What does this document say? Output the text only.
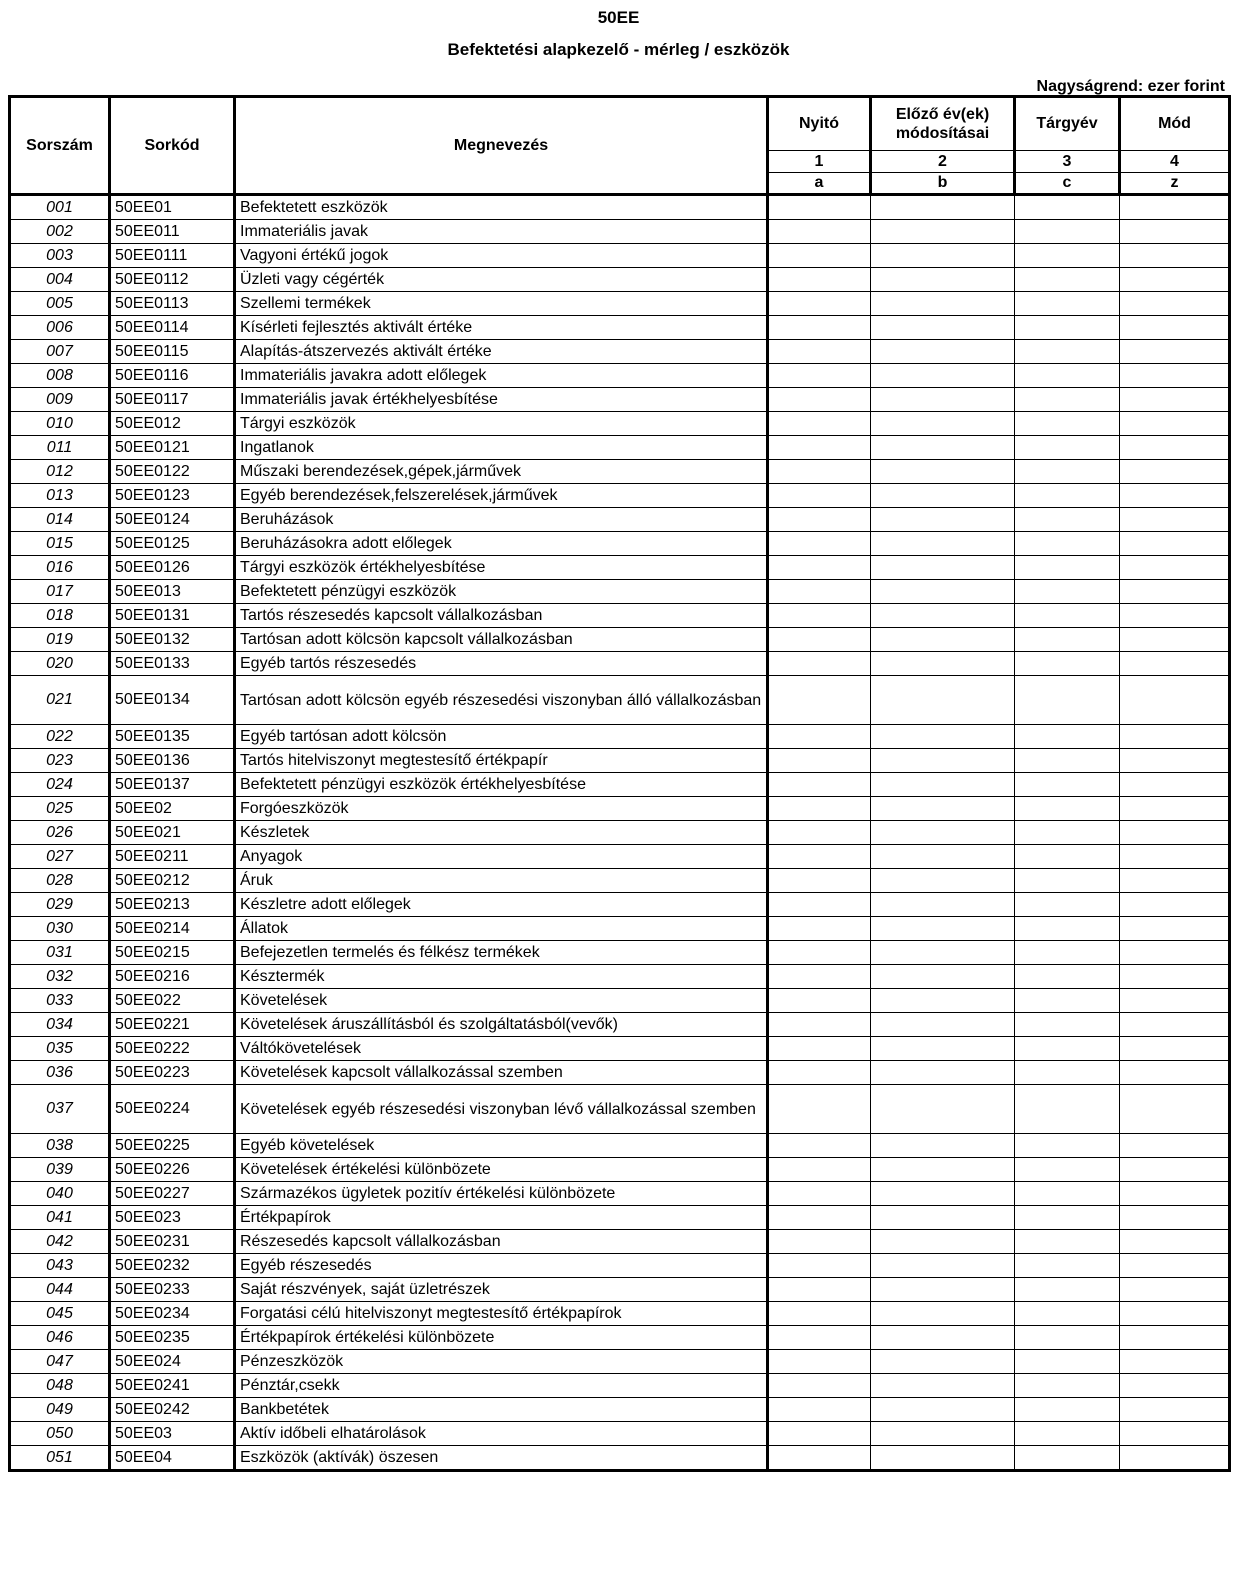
50EE
Befektetési alapkezelő - mérleg / eszközök
Nagyságrend: ezer forint
Sorszám	Sorkód	Megnevezés	Nyitó	Előző év(ek) módosításai	Tárgyév	Mód
			1	2	3	4
			a	b	c	z
001	50EE01	Befektetett eszközök				
002	50EE011	Immateriális javak				
003	50EE0111	Vagyoni értékű jogok				
004	50EE0112	Üzleti vagy cégérték				
005	50EE0113	Szellemi termékek				
006	50EE0114	Kísérleti fejlesztés aktivált értéke				
007	50EE0115	Alapítás-átszervezés aktivált értéke				
008	50EE0116	Immateriális javakra adott előlegek				
009	50EE0117	Immateriális javak értékhelyesbítése				
010	50EE012	Tárgyi eszközök				
011	50EE0121	Ingatlanok				
012	50EE0122	Műszaki berendezések,gépek,járművek				
013	50EE0123	Egyéb berendezések,felszerelések,járművek				
014	50EE0124	Beruházások				
015	50EE0125	Beruházásokra adott előlegek				
016	50EE0126	Tárgyi eszközök értékhelyesbítése				
017	50EE013	Befektetett pénzügyi eszközök				
018	50EE0131	Tartós részesedés kapcsolt vállalkozásban				
019	50EE0132	Tartósan adott kölcsön kapcsolt vállalkozásban				
020	50EE0133	Egyéb tartós részesedés				
021	50EE0134	Tartósan adott kölcsön egyéb részesedési viszonyban álló vállalkozásban				
022	50EE0135	Egyéb tartósan adott kölcsön				
023	50EE0136	Tartós hitelviszonyt megtestesítő értékpapír				
024	50EE0137	Befektetett pénzügyi eszközök értékhelyesbítése				
025	50EE02	Forgóeszközök				
026	50EE021	Készletek				
027	50EE0211	Anyagok				
028	50EE0212	Áruk				
029	50EE0213	Készletre adott előlegek				
030	50EE0214	Állatok				
031	50EE0215	Befejezetlen termelés és félkész termékek				
032	50EE0216	Késztermék				
033	50EE022	Követelések				
034	50EE0221	Követelések áruszállításból és szolgáltatásból(vevők)				
035	50EE0222	Váltókövetelések				
036	50EE0223	Követelések kapcsolt vállalkozással szemben				
037	50EE0224	Követelések egyéb részesedési viszonyban lévő vállalkozással szemben				
038	50EE0225	Egyéb követelések				
039	50EE0226	Követelések értékelési különbözete				
040	50EE0227	Származékos ügyletek pozitív értékelési különbözete				
041	50EE023	Értékpapírok				
042	50EE0231	Részesedés kapcsolt vállalkozásban				
043	50EE0232	Egyéb részesedés				
044	50EE0233	Saját részvények, saját üzletrészek				
045	50EE0234	Forgatási célú hitelviszonyt megtestesítő értékpapírok				
046	50EE0235	Értékpapírok értékelési különbözete				
047	50EE024	Pénzeszközök				
048	50EE0241	Pénztár,csekk				
049	50EE0242	Bankbetétek				
050	50EE03	Aktív időbeli elhatárolások				
051	50EE04	Eszközök (aktívák) öszesen				
